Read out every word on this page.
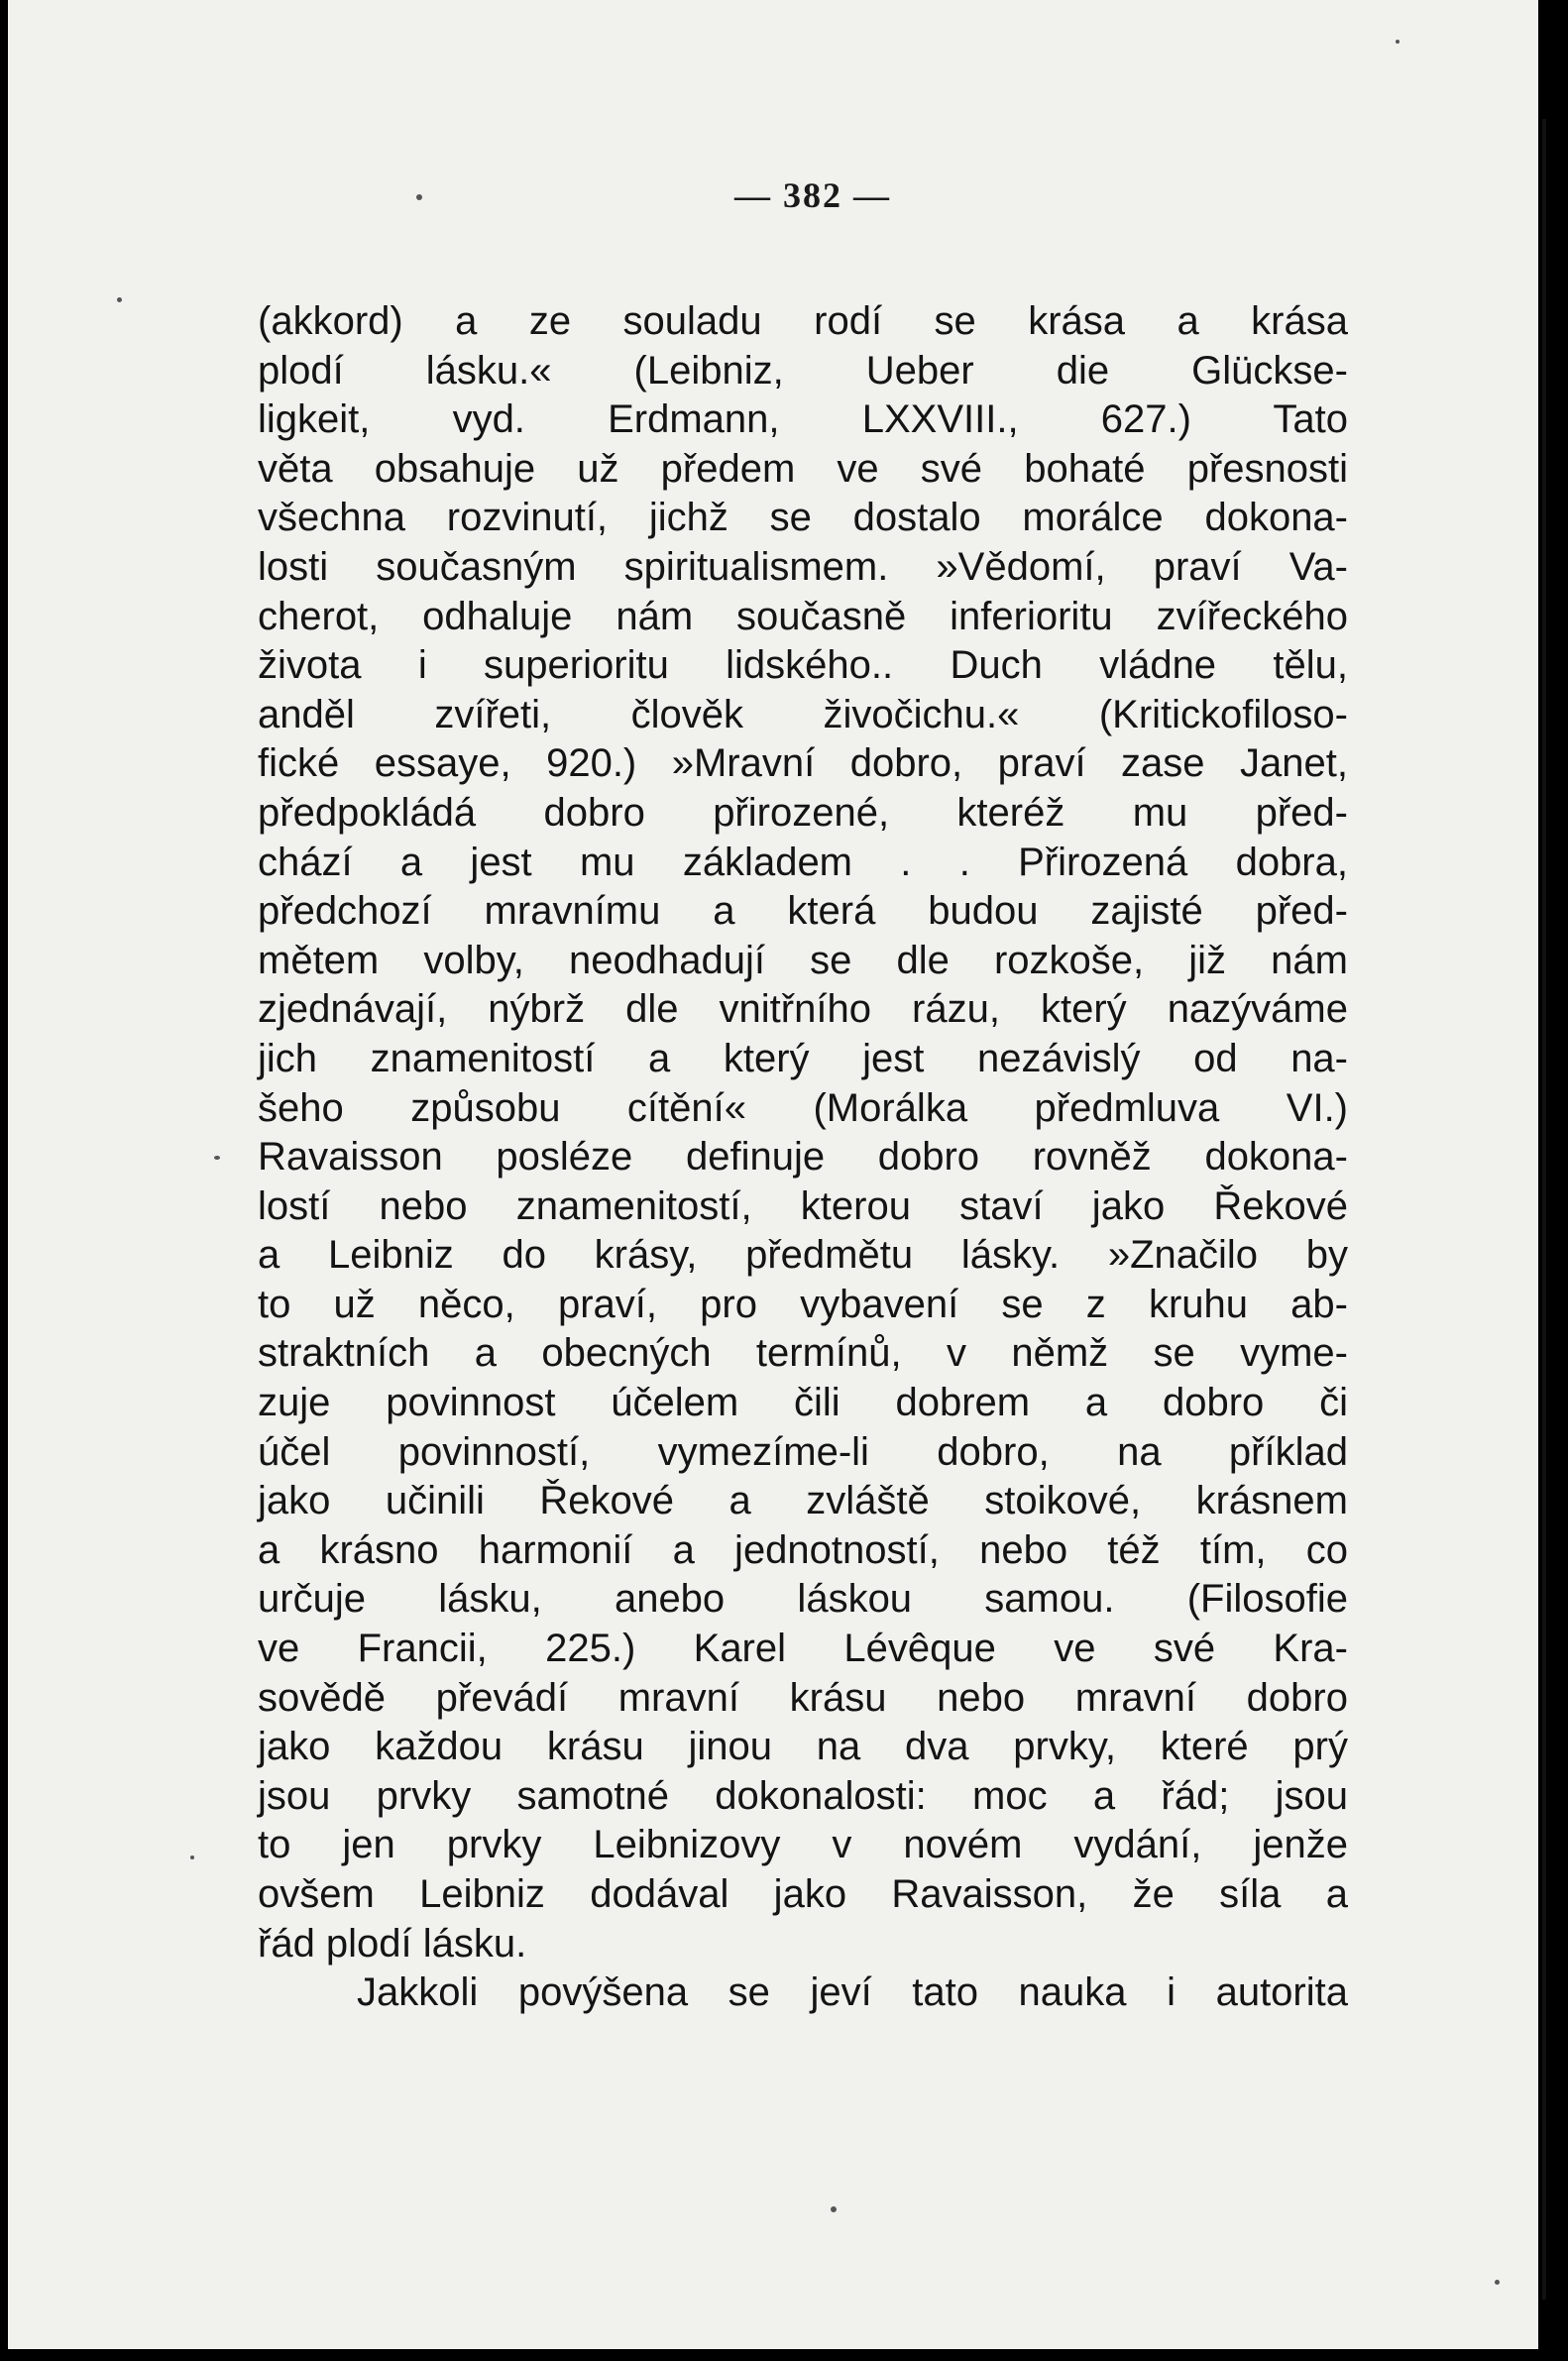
— 382 —
(akkord) a ze souladu rodí se krása a krása
plodí lásku.« (Leibniz, Ueber die Glückse-
ligkeit, vyd. Erdmann, LXXVIII., 627.) Tato
věta obsahuje už předem ve své bohaté přesnosti
všechna rozvinutí, jichž se dostalo morálce dokona-
losti současným spiritualismem. »Vědomí, praví Va-
cherot, odhaluje nám současně inferioritu zvířeckého
života i superioritu lidského.. Duch vládne tělu,
anděl zvířeti, člověk živočichu.« (Kritickofiloso-
fické essaye, 920.) »Mravní dobro, praví zase Janet,
předpokládá dobro přirozené, kteréž mu před-
chází a jest mu základem . . Přirozená dobra,
předchozí mravnímu a která budou zajisté před-
mětem volby, neodhadují se dle rozkoše, již nám
zjednávají, nýbrž dle vnitřního rázu, který nazýváme
jich znamenitostí a který jest nezávislý od na-
šeho způsobu cítění« (Morálka předmluva VI.)
Ravaisson posléze definuje dobro rovněž dokona-
lostí nebo znamenitostí, kterou staví jako Řekové
a Leibniz do krásy, předmětu lásky. »Značilo by
to už něco, praví, pro vybavení se z kruhu ab-
straktních a obecných termínů, v němž se vyme-
zuje povinnost účelem čili dobrem a dobro či
účel povinností, vymezíme-li dobro, na příklad
jako učinili Řekové a zvláště stoikové, krásnem
a krásno harmonií a jednotností, nebo též tím, co
určuje lásku, anebo láskou samou. (Filosofie
ve Francii, 225.) Karel Lévêque ve své Kra-
sovědě převádí mravní krásu nebo mravní dobro
jako každou krásu jinou na dva prvky, které prý
jsou prvky samotné dokonalosti: moc a řád; jsou
to jen prvky Leibnizovy v novém vydání, jenže
ovšem Leibniz dodával jako Ravaisson, že síla a
řád plodí lásku.
Jakkoli povýšena se jeví tato nauka i autorita
